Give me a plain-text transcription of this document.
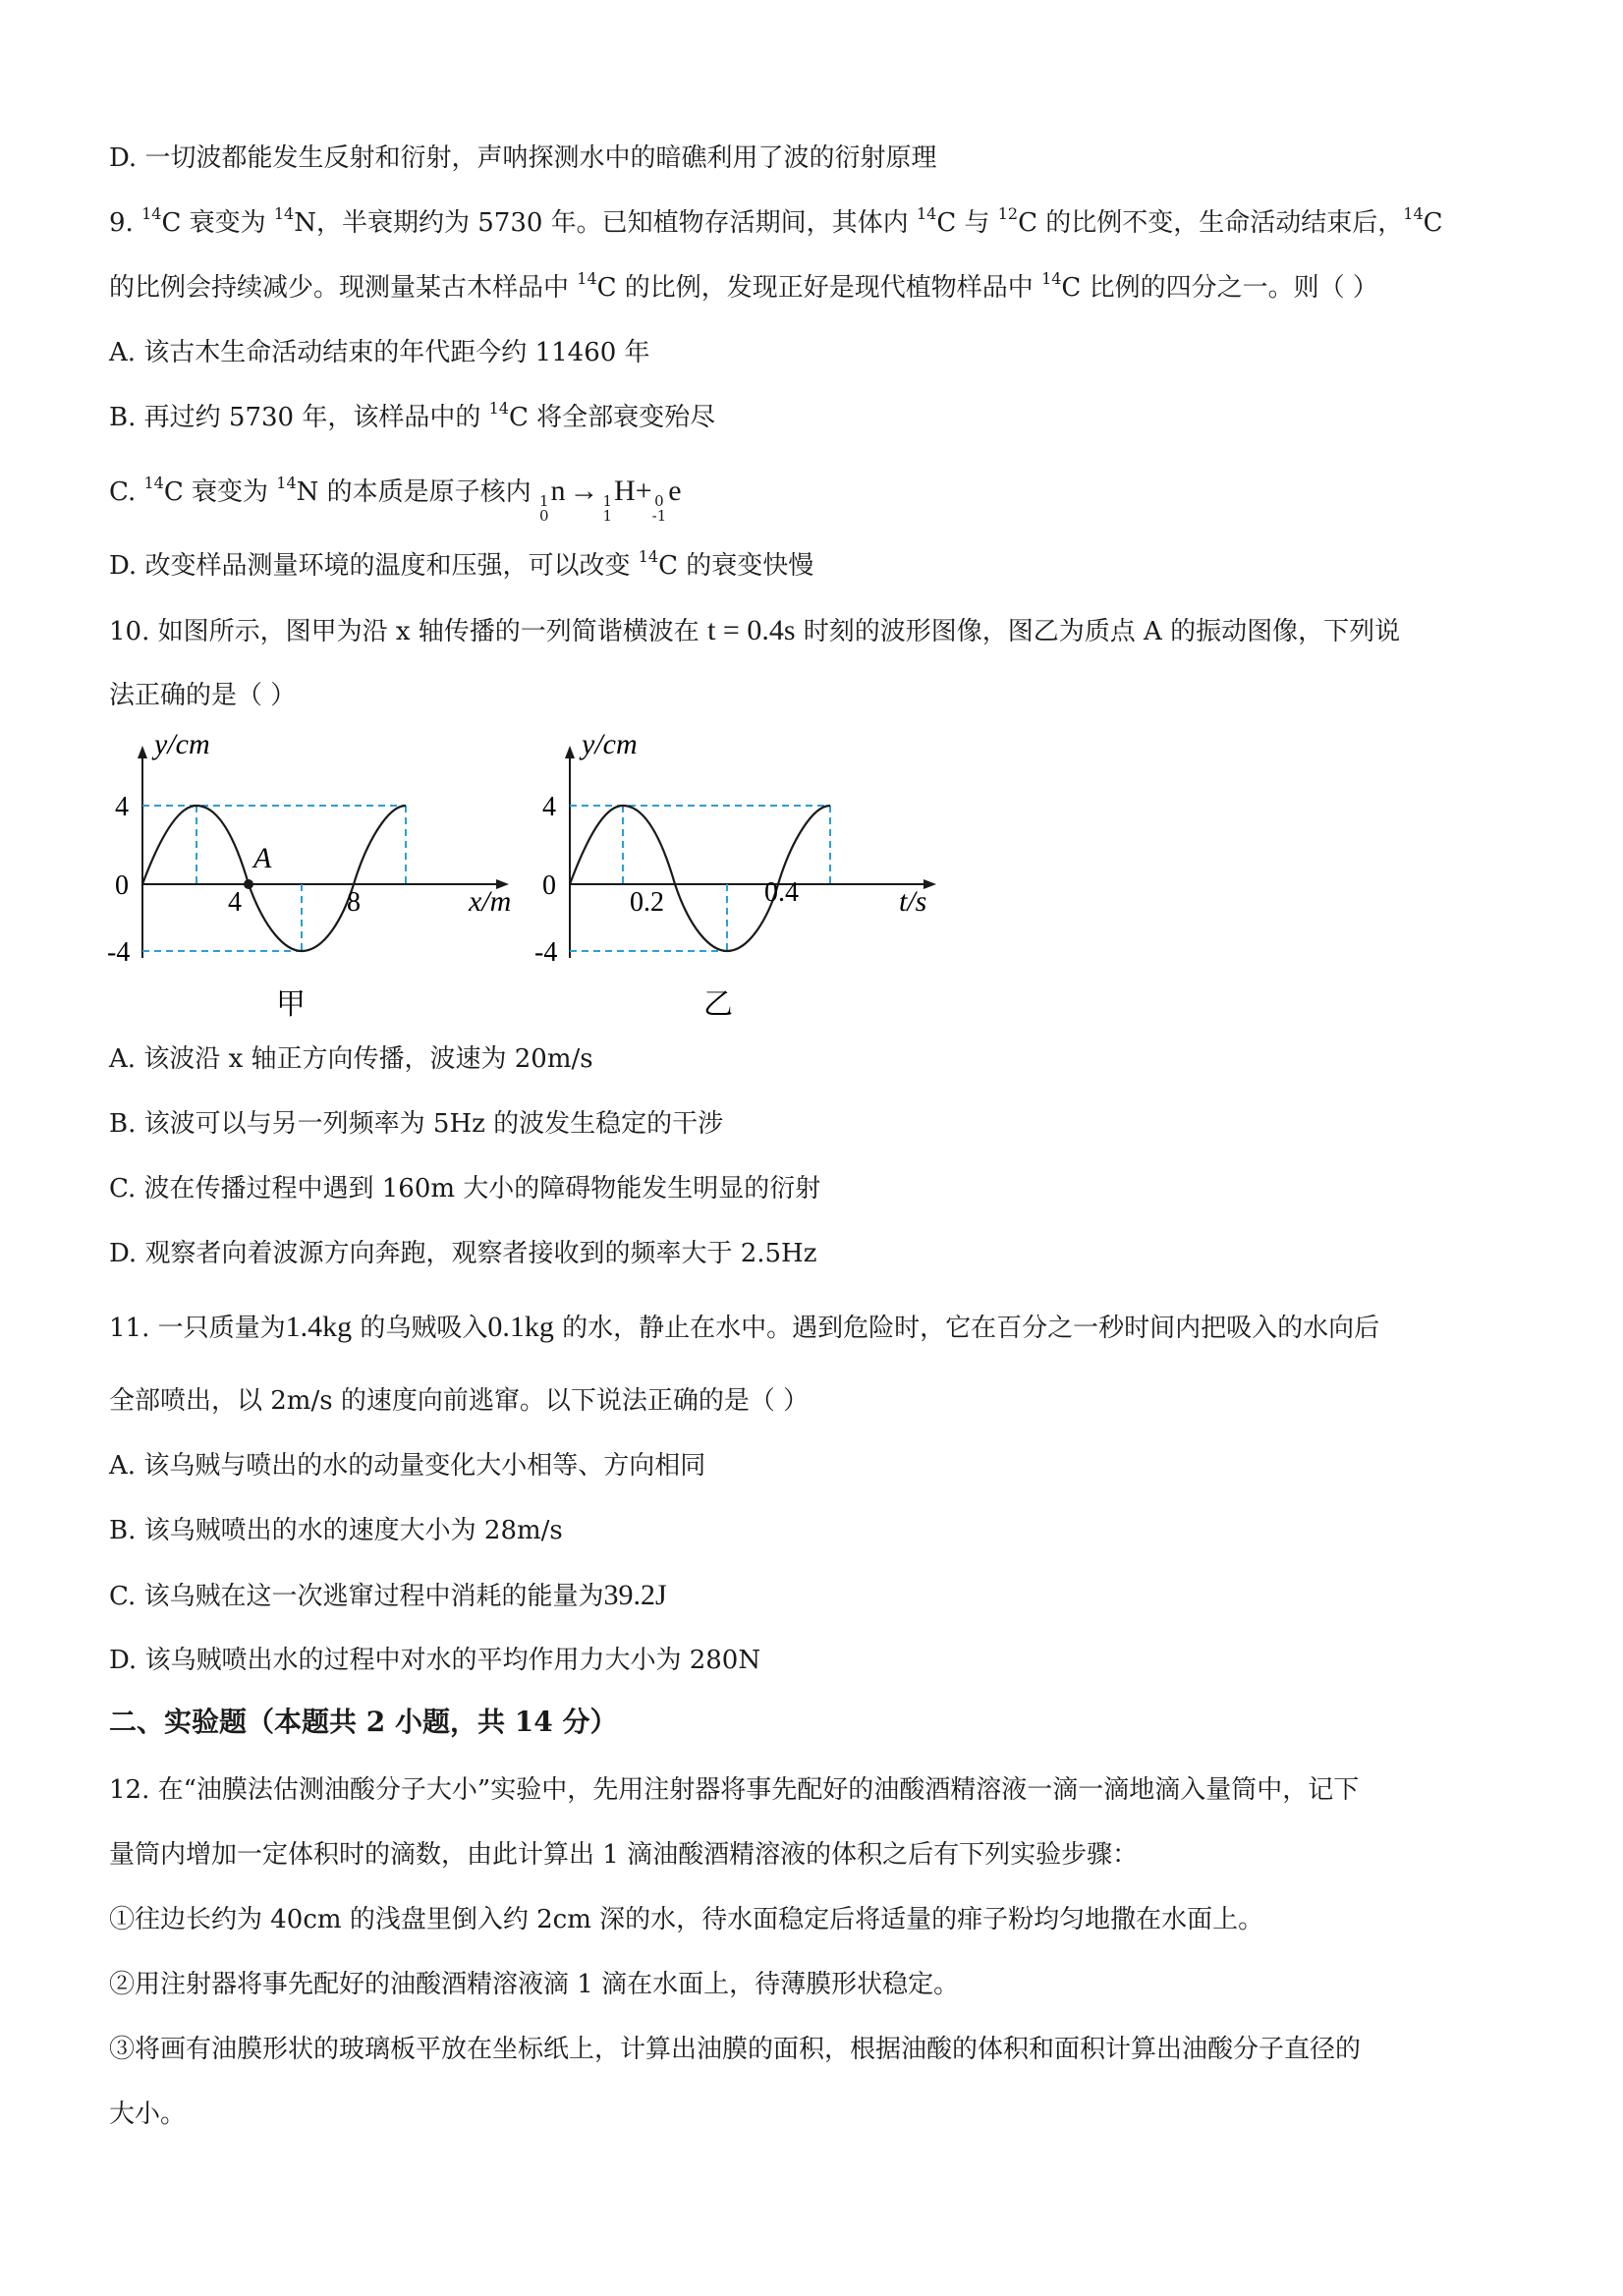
D. 一切波都能发生反射和衍射，声呐探测水中的暗礁利用了波的衍射原理
9. $^{14}$C 衰变为 $^{14}$N，半衰期约为 5730 年。已知植物存活期间，其体内 $^{14}$C 与 $^{12}$C 的比例不变，生命活动结束后，$^{14}$C
的比例会持续减少。现测量某古木样品中 $^{14}$C 的比例，发现正好是现代植物样品中 $^{14}$C 比例的四分之一。则（ ）
A. 该古木生命活动结束的年代距今约 11460 年
B. 再过约 5730 年，该样品中的 $^{14}$C 将全部衰变殆尽
C. $^{14}$C 衰变为 $^{14}$N 的本质是原子核内 1
0
n → 1
1
H+ 0
-1
e
D. 改变样品测量环境的温度和压强，可以改变 $^{14}$C 的衰变快慢
10. 如图所示，图甲为沿 x 轴传播的一列简谐横波在 t = 0.4s 时刻的波形图像，图乙为质点 A 的振动图像，下列说
法正确的是（ ）
y/cm
4
0
-4
4	8
A
x/m
甲
y/cm
4
0
-4
0.2	0.4	t/s
乙
A. 该波沿 x 轴正方向传播，波速为 20m/s
B. 该波可以与另一列频率为 5Hz 的波发生稳定的干涉
C. 波在传播过程中遇到 160m 大小的障碍物能发生明显的衍射
D. 观察者向着波源方向奔跑，观察者接收到的频率大于 2.5Hz
11. 一只质量为1.4kg 的乌贼吸入0.1kg 的水，静止在水中。遇到危险时，它在百分之一秒时间内把吸入的水向后
全部喷出，以 2m/s 的速度向前逃窜。以下说法正确的是（ ）
A. 该乌贼与喷出的水的动量变化大小相等、方向相同
B. 该乌贼喷出的水的速度大小为 28m/s
C. 该乌贼在这一次逃窜过程中消耗的能量为39.2J
D. 该乌贼喷出水的过程中对水的平均作用力大小为 280N
二、实验题（本题共 2 小题，共 14 分）
12. 在“油膜法估测油酸分子大小”实验中，先用注射器将事先配好的油酸酒精溶液一滴一滴地滴入量筒中，记下
量筒内增加一定体积时的滴数，由此计算出 1 滴油酸酒精溶液的体积之后有下列实验步骤：
①往边长约为 40cm 的浅盘里倒入约 2cm 深的水，待水面稳定后将适量的痱子粉均匀地撒在水面上。
②用注射器将事先配好的油酸酒精溶液滴 1 滴在水面上，待薄膜形状稳定。
③将画有油膜形状的玻璃板平放在坐标纸上，计算出油膜的面积，根据油酸的体积和面积计算出油酸分子直径的
大小。
